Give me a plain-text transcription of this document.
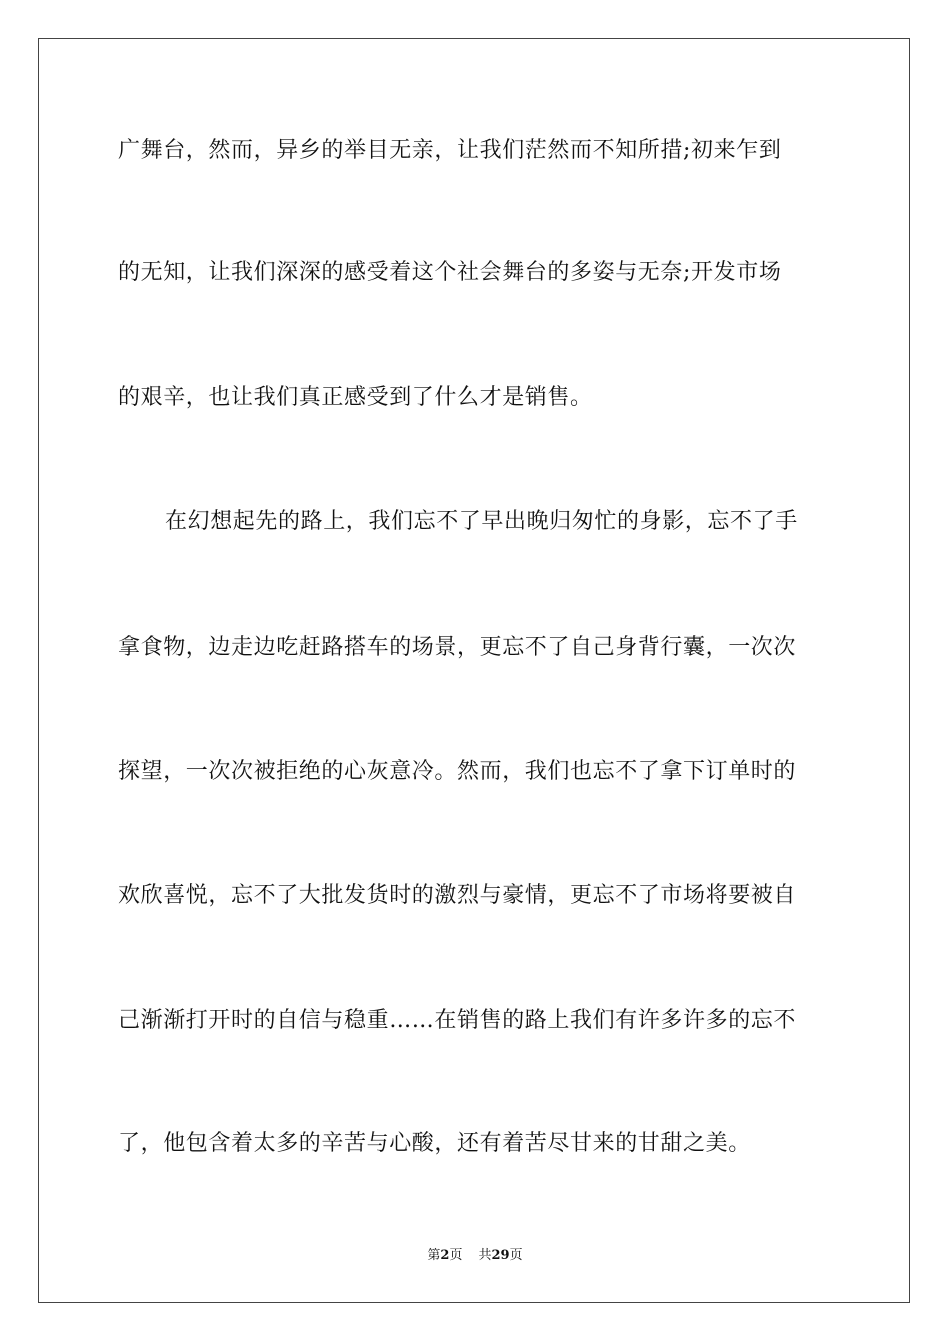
广舞台，然而，异乡的举目无亲，让我们茫然而不知所措;初来乍到
的无知，让我们深深的感受着这个社会舞台的多姿与无奈;开发市场
的艰辛，也让我们真正感受到了什么才是销售。
在幻想起先的路上，我们忘不了早出晚归匆忙的身影，忘不了手
拿食物，边走边吃赶路搭车的场景，更忘不了自己身背行囊，一次次
探望，一次次被拒绝的心灰意冷。然而，我们也忘不了拿下订单时的
欢欣喜悦，忘不了大批发货时的激烈与豪情，更忘不了市场将要被自
己渐渐打开时的自信与稳重……在销售的路上我们有许多许多的忘不
了，他包含着太多的辛苦与心酸，还有着苦尽甘来的甘甜之美。
第2页 共29页
